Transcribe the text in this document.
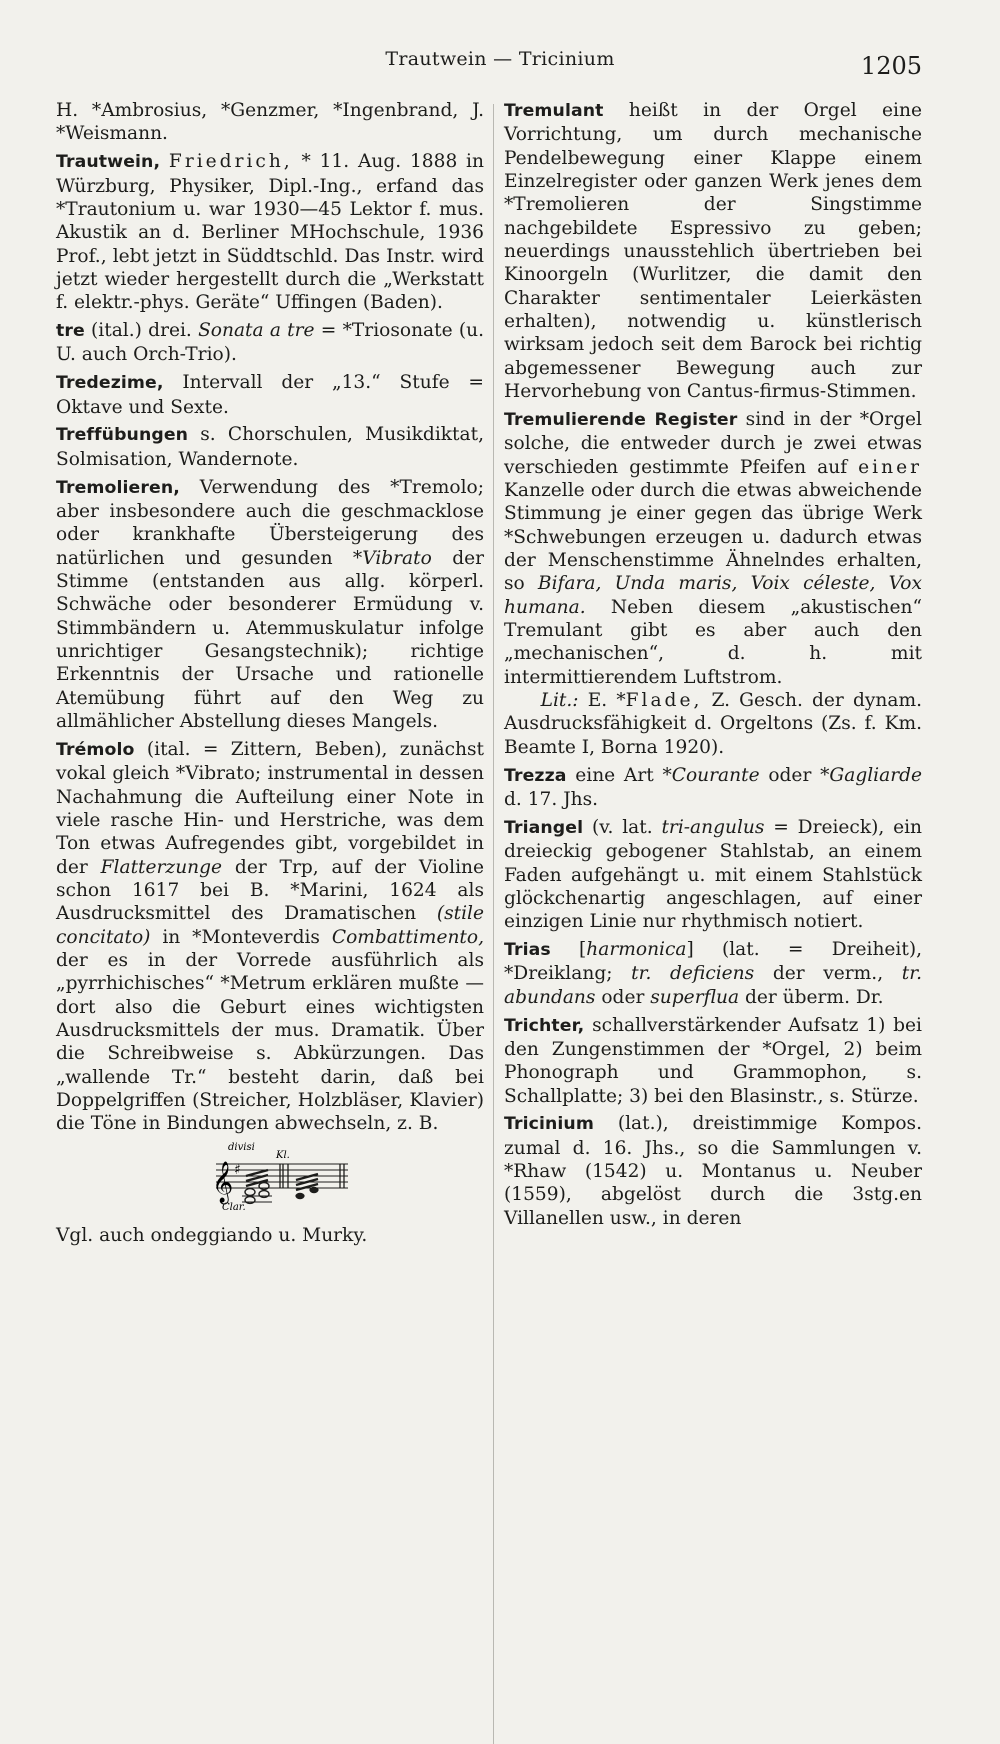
Trautwein — Tricinium	1205

H. *Ambrosius, *Genzmer, *Ingenbrand, J. *Weismann.

Trautwein, Friedrich, * 11. Aug. 1888 in Würzburg, Physiker, Dipl.-Ing., erfand das *Trautonium u. war 1930—45 Lektor f. mus. Akustik an d. Berliner MHochschule, 1936 Prof., lebt jetzt in Süddtschld. Das Instr. wird jetzt wieder hergestellt durch die „Werkstatt f. elektr.-phys. Geräte“ Uffingen (Baden).

tre (ital.) drei. Sonata a tre = *Triosonate (u. U. auch Orch-Trio).

Tredezime, Intervall der „13.“ Stufe = Oktave und Sexte.

Treffübungen s. Chorschulen, Musikdiktat, Solmisation, Wandernote.

Tremolieren, Verwendung des *Tremolo; aber insbesondere auch die geschmacklose oder krankhafte Übersteigerung des natürlichen und gesunden *Vibrato der Stimme (entstanden aus allg. körperl. Schwäche oder besonderer Ermüdung v. Stimmbändern u. Atemmuskulatur infolge unrichtiger Gesangstechnik); richtige Erkenntnis der Ursache und rationelle Atemübung führt auf den Weg zu allmählicher Abstellung dieses Mangels.

Trémolo (ital. = Zittern, Beben), zunächst vokal gleich *Vibrato; instrumental in dessen Nachahmung die Aufteilung einer Note in viele rasche Hin- und Herstriche, was dem Ton etwas Aufregendes gibt, vorgebildet in der Flatterzunge der Trp, auf der Violine schon 1617 bei B. *Marini, 1624 als Ausdrucksmittel des Dramatischen (stile concitato) in *Monteverdis Combattimento, der es in der Vorrede ausführlich als „pyrrhichisches“ *Metrum erklären mußte — dort also die Geburt eines wichtigsten Ausdrucksmittels der mus. Dramatik. Über die Schreibweise s. Abkürzungen. Das „wallende Tr.“ besteht darin, daß bei Doppelgriffen (Streicher, Holzbläser, Klavier) die Töne in Bindungen abwechseln, z. B.

divisi
Kl.
𝄞 ♯
Clar.

Vgl. auch ondeggiando u. Murky.

Tremulant heißt in der Orgel eine Vorrichtung, um durch mechanische Pendelbewegung einer Klappe einem Einzelregister oder ganzen Werk jenes dem *Tremolieren der Singstimme nachgebildete Espressivo zu geben; neuerdings unausstehlich übertrieben bei Kinoorgeln (Wurlitzer, die damit den Charakter sentimentaler Leierkästen erhalten), notwendig u. künstlerisch wirksam jedoch seit dem Barock bei richtig abgemessener Bewegung auch zur Hervorhebung von Cantus-firmus-Stimmen.

Tremulierende Register sind in der *Orgel solche, die entweder durch je zwei etwas verschieden gestimmte Pfeifen auf einer Kanzelle oder durch die etwas abweichende Stimmung je einer gegen das übrige Werk *Schwebungen erzeugen u. dadurch etwas der Menschenstimme Ähnelndes erhalten, so Bifara, Unda maris, Voix céleste, Vox humana. Neben diesem „akustischen“ Tremulant gibt es aber auch den „mechanischen“, d. h. mit intermittierendem Luftstrom.
Lit.: E. *Flade, Z. Gesch. der dynam. Ausdrucksfähigkeit d. Orgeltons (Zs. f. Km. Beamte I, Borna 1920).

Trezza eine Art *Courante oder *Gagliarde d. 17. Jhs.

Triangel (v. lat. tri-angulus = Dreieck), ein dreieckig gebogener Stahlstab, an einem Faden aufgehängt u. mit einem Stahlstück glöckchenartig angeschlagen, auf einer einzigen Linie nur rhythmisch notiert.

Trias [harmonica] (lat. = Dreiheit), *Dreiklang; tr. deficiens der verm., tr. abundans oder superflua der überm. Dr.

Trichter, schallverstärkender Aufsatz 1) bei den Zungenstimmen der *Orgel, 2) beim Phonograph und Grammophon, s. Schallplatte; 3) bei den Blasinstr., s. Stürze.

Tricinium (lat.), dreistimmige Kompos. zumal d. 16. Jhs., so die Sammlungen v. *Rhaw (1542) u. Montanus u. Neuber (1559), abgelöst durch die 3stg.en Villanellen usw., in deren
